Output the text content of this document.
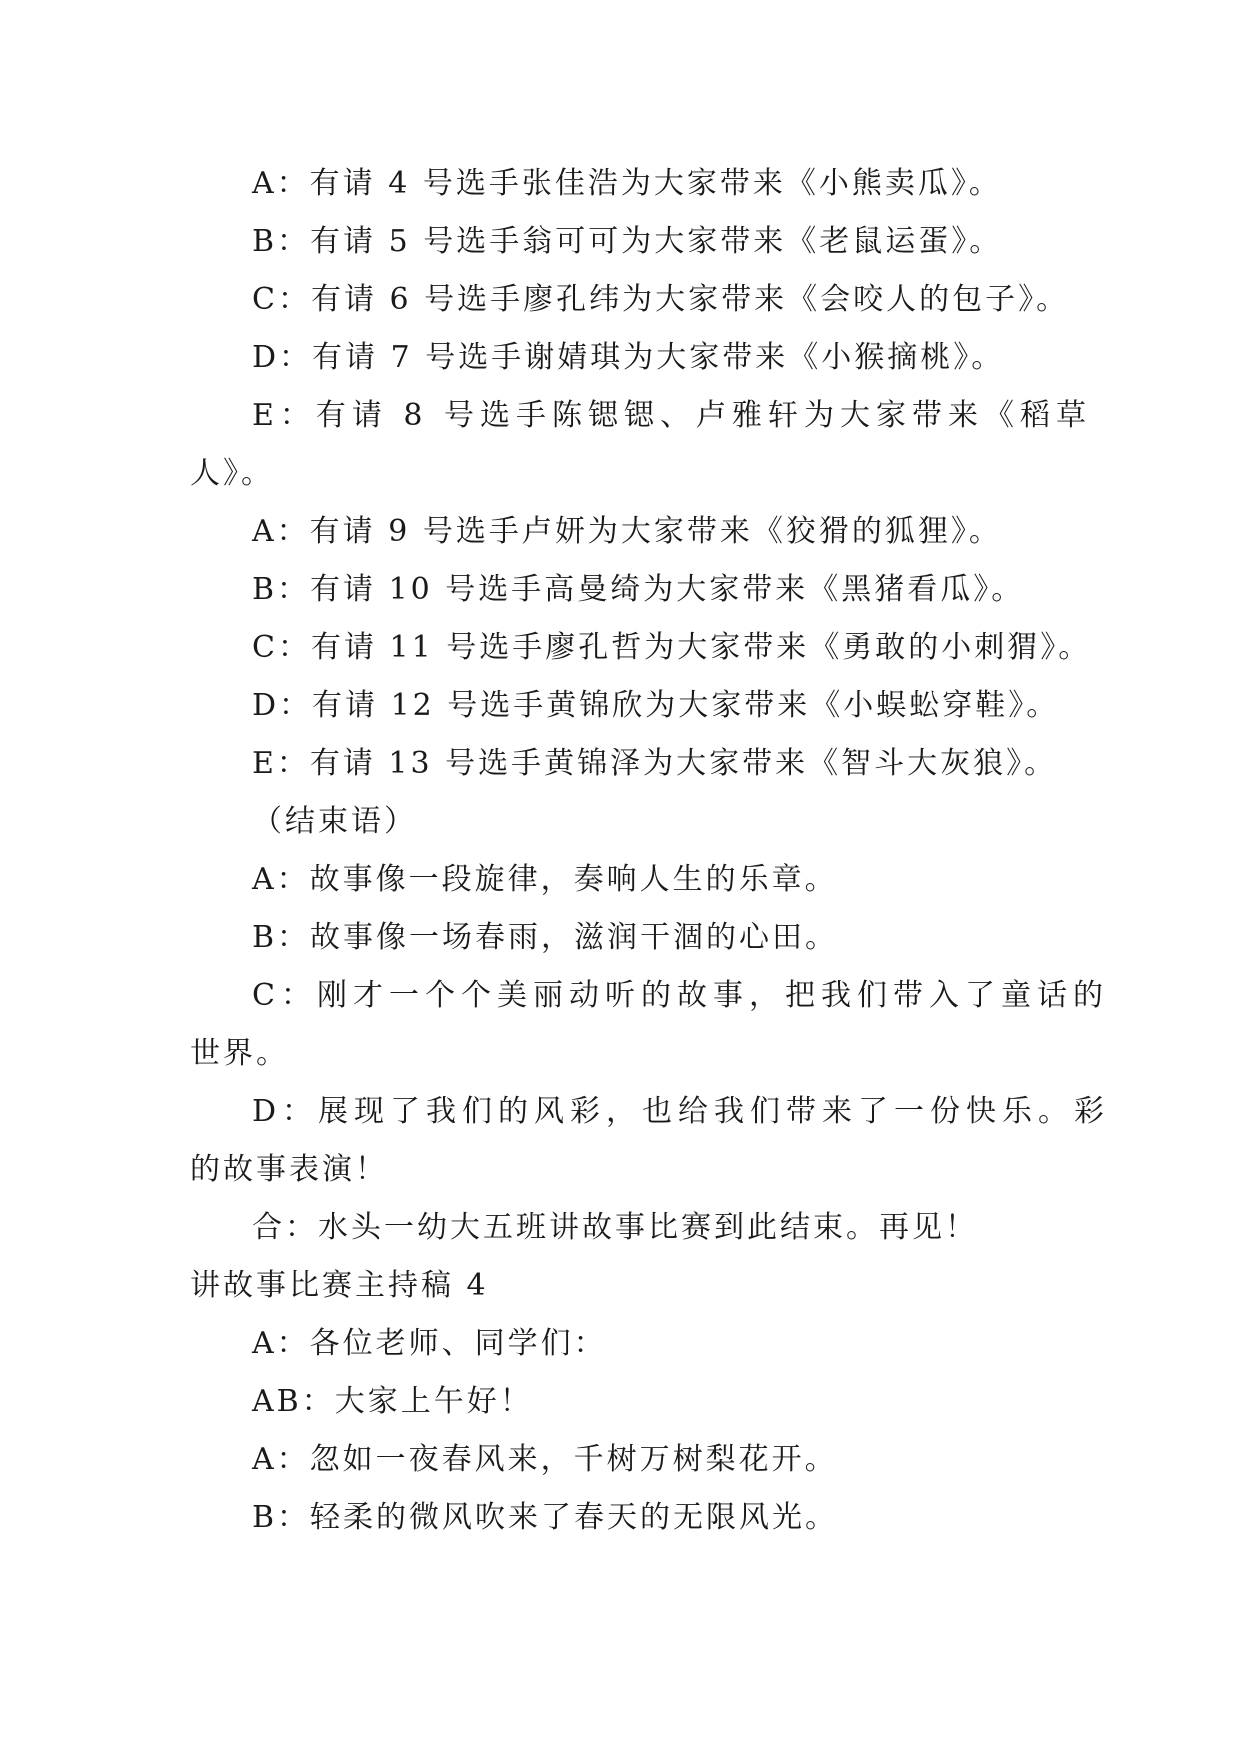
A：有请 4 号选手张佳浩为大家带来《小熊卖瓜》。
B：有请 5 号选手翁可可为大家带来《老鼠运蛋》。
C：有请 6 号选手廖孔纬为大家带来《会咬人的包子》。
D：有请 7 号选手谢婧琪为大家带来《小猴摘桃》。
E：有请 8 号选手陈锶锶、卢雅轩为大家带来《稻草
人》。
A：有请 9 号选手卢妍为大家带来《狡猾的狐狸》。
B：有请 10 号选手高曼绮为大家带来《黑猪看瓜》。
C：有请 11 号选手廖孔哲为大家带来《勇敢的小刺猬》。
D：有请 12 号选手黄锦欣为大家带来《小蜈蚣穿鞋》。
E：有请 13 号选手黄锦泽为大家带来《智斗大灰狼》。
（结束语）
A：故事像一段旋律，奏响人生的乐章。
B：故事像一场春雨，滋润干涸的心田。
C：刚才一个个美丽动听的故事，把我们带入了童话的
世界。
D：展现了我们的风彩，也给我们带来了一份快乐。彩
的故事表演！
合：水头一幼大五班讲故事比赛到此结束。再见！
讲故事比赛主持稿 4
A：各位老师、同学们：
AB：大家上午好！
A：忽如一夜春风来，千树万树梨花开。
B：轻柔的微风吹来了春天的无限风光。
